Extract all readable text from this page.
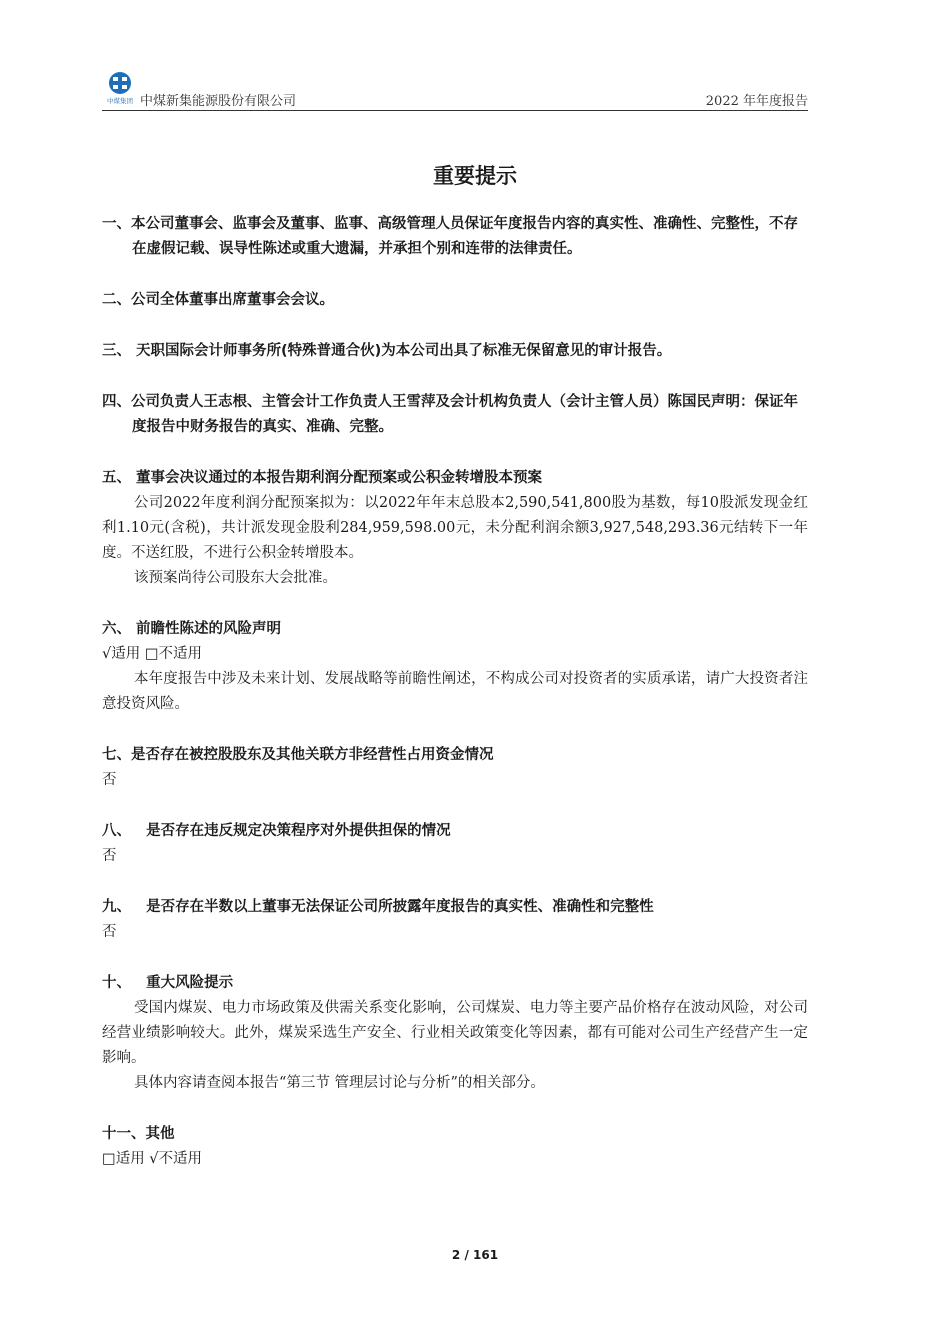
中煤集团 中煤新集能源股份有限公司	2022 年年度报告
重要提示
一、本公司董事会、监事会及董事、监事、高级管理人员保证年度报告内容的真实性、准确性、完整性，不存在虚假记载、误导性陈述或重大遗漏，并承担个别和连带的法律责任。
二、公司全体董事出席董事会会议。
三、 天职国际会计师事务所(特殊普通合伙)为本公司出具了标准无保留意见的审计报告。
四、公司负责人王志根、主管会计工作负责人王雪萍及会计机构负责人（会计主管人员）陈国民声明：保证年度报告中财务报告的真实、准确、完整。
五、 董事会决议通过的本报告期利润分配预案或公积金转增股本预案
公司2022年度利润分配预案拟为：以2022年年末总股本2,590,541,800股为基数，每10股派发现金红利1.10元(含税)，共计派发现金股利284,959,598.00元，未分配利润余额3,927,548,293.36元结转下一年度。不送红股，不进行公积金转增股本。
该预案尚待公司股东大会批准。
六、 前瞻性陈述的风险声明
√适用 □不适用
本年度报告中涉及未来计划、发展战略等前瞻性阐述，不构成公司对投资者的实质承诺，请广大投资者注意投资风险。
七、是否存在被控股股东及其他关联方非经营性占用资金情况
否
八、   是否存在违反规定决策程序对外提供担保的情况
否
九、   是否存在半数以上董事无法保证公司所披露年度报告的真实性、准确性和完整性
否
十、   重大风险提示
受国内煤炭、电力市场政策及供需关系变化影响，公司煤炭、电力等主要产品价格存在波动风险，对公司经营业绩影响较大。此外，煤炭采选生产安全、行业相关政策变化等因素，都有可能对公司生产经营产生一定影响。
具体内容请查阅本报告“第三节 管理层讨论与分析”的相关部分。
十一、其他
□适用 √不适用
2 / 161
